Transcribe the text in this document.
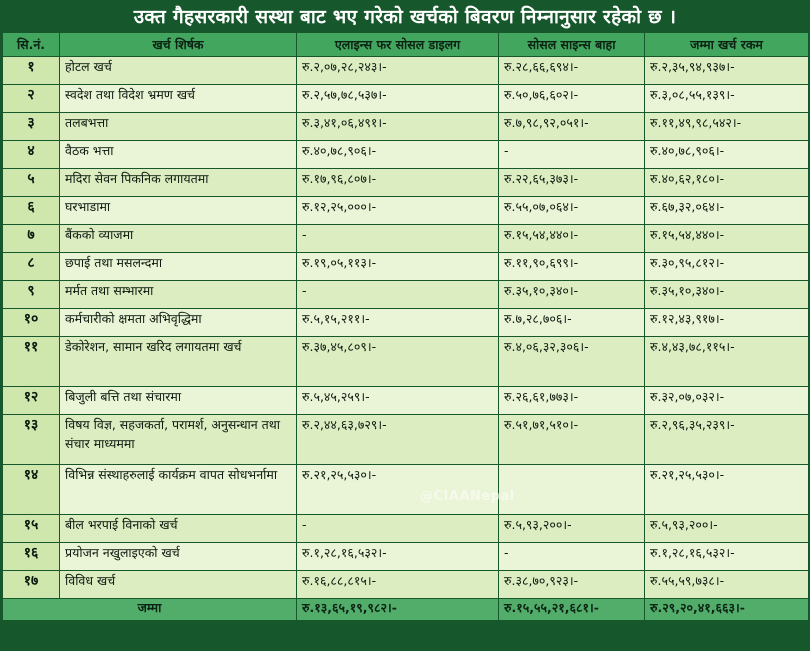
उक्त गैहसरकारी सस्था बाट भए गरेको खर्चको बिवरण निम्नानुसार रहेको छ ।
सि.नं.	खर्च शिर्षक	एलाइन्स फर सोसल डाइलग	सोसल साइन्स बाहा	जम्मा खर्च रकम
१	होटल खर्च	रु.२,०७,२८,२४३।-	रु.२८,६६,६९४।-	रु.२,३५,९४,९३७।-
२	स्वदेश तथा विदेश भ्रमण खर्च	रु.२,५७,७८,५३७।-	रु.५०,७६,६०२।-	रु.३,०८,५५,१३९।-
३	तलबभत्ता	रु.३,४१,०६,४९१।-	रु.७,९८,९२,०५१।-	रु.११,४९,९८,५४२।-
४	वैठक भत्ता	रु.४०,७८,९०६।-	-	रु.४०,७८,९०६।-
५	मदिरा सेवन पिकनिक लगायतमा	रु.१७,९६,८०७।-	रु.२२,६५,३७३।-	रु.४०,६२,१८०।-
६	घरभाडामा	रु.१२,२५,०००।-	रु.५५,०७,०६४।-	रु.६७,३२,०६४।-
७	बैंकको व्याजमा	-	रु.१५,५४,४४०।-	रु.१५,५४,४४०।-
८	छपाई तथा मसलन्दमा	रु.१९,०५,११३।-	रु.११,९०,६९९।-	रु.३०,९५,८१२।-
९	मर्मत तथा सम्भारमा	-	रु.३५,१०,३४०।-	रु.३५,१०,३४०।-
१०	कर्मचारीको क्षमता अभिवृद्धिमा	रु.५,१५,२११।-	रु.७,२८,७०६।-	रु.१२,४३,९१७।-
११	डेकोरेशन, सामान खरिद लगायतमा खर्च	रु.३७,४५,८०९।-	रु.४,०६,३२,३०६।-	रु.४,४३,७८,११५।-
१२	बिजुली बत्ति तथा संचारमा	रु.५,४५,२५९।-	रु.२६,६१,७७३।-	रु.३२,०७,०३२।-
१३	विषय विज्ञ, सहजकर्ता, परामर्श, अनुसन्धान तथा संचार माध्यममा	रु.२,४४,६३,७२९।-	रु.५१,७१,५१०।-	रु.२,९६,३५,२३९।-
१४	विभिन्न संस्थाहरुलाई कार्यक्रम वापत सोधभर्नामा	रु.२१,२५,५३०।-		रु.२१,२५,५३०।-
१५	बील भरपाई विनाको खर्च	-	रु.५,९३,२००।-	रु.५,९३,२००।-
१६	प्रयोजन नखुलाइएको खर्च	रु.१,२८,१६,५३२।-	-	रु.१,२८,१६,५३२।-
१७	विविध खर्च	रु.१६,८८,८१५।-	रु.३८,७०,९२३।-	रु.५५,५९,७३८।-
जम्मा		रु.१३,६५,१९,९८२।-	रु.१५,५५,२१,६८१।-	रु.२९,२०,४१,६६३।-
@CIAANepal
